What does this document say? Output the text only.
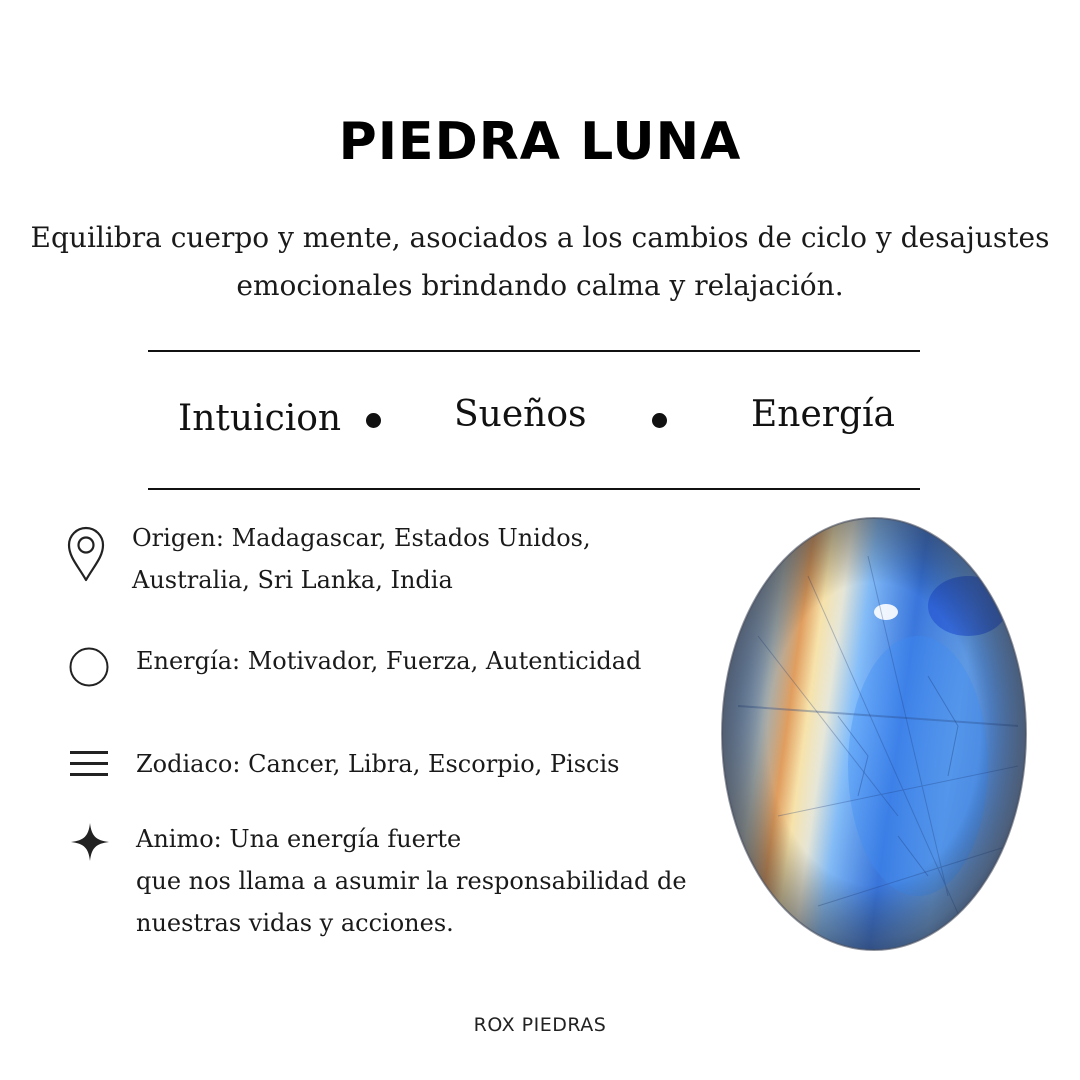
PIEDRA LUNA

Equilibra cuerpo y mente, asociados a los cambios de ciclo y desajustes
emocionales brindando calma y relajación.

Intuicion	Sueños	Energía

Origen: Madagascar, Estados Unidos,
Australia, Sri Lanka, India

Energía: Motivador, Fuerza, Autenticidad

Zodiaco: Cancer, Libra, Escorpio, Piscis

Animo: Una energía fuerte
que nos llama a asumir la responsabilidad de
nuestras vidas y acciones.

ROX PIEDRAS
